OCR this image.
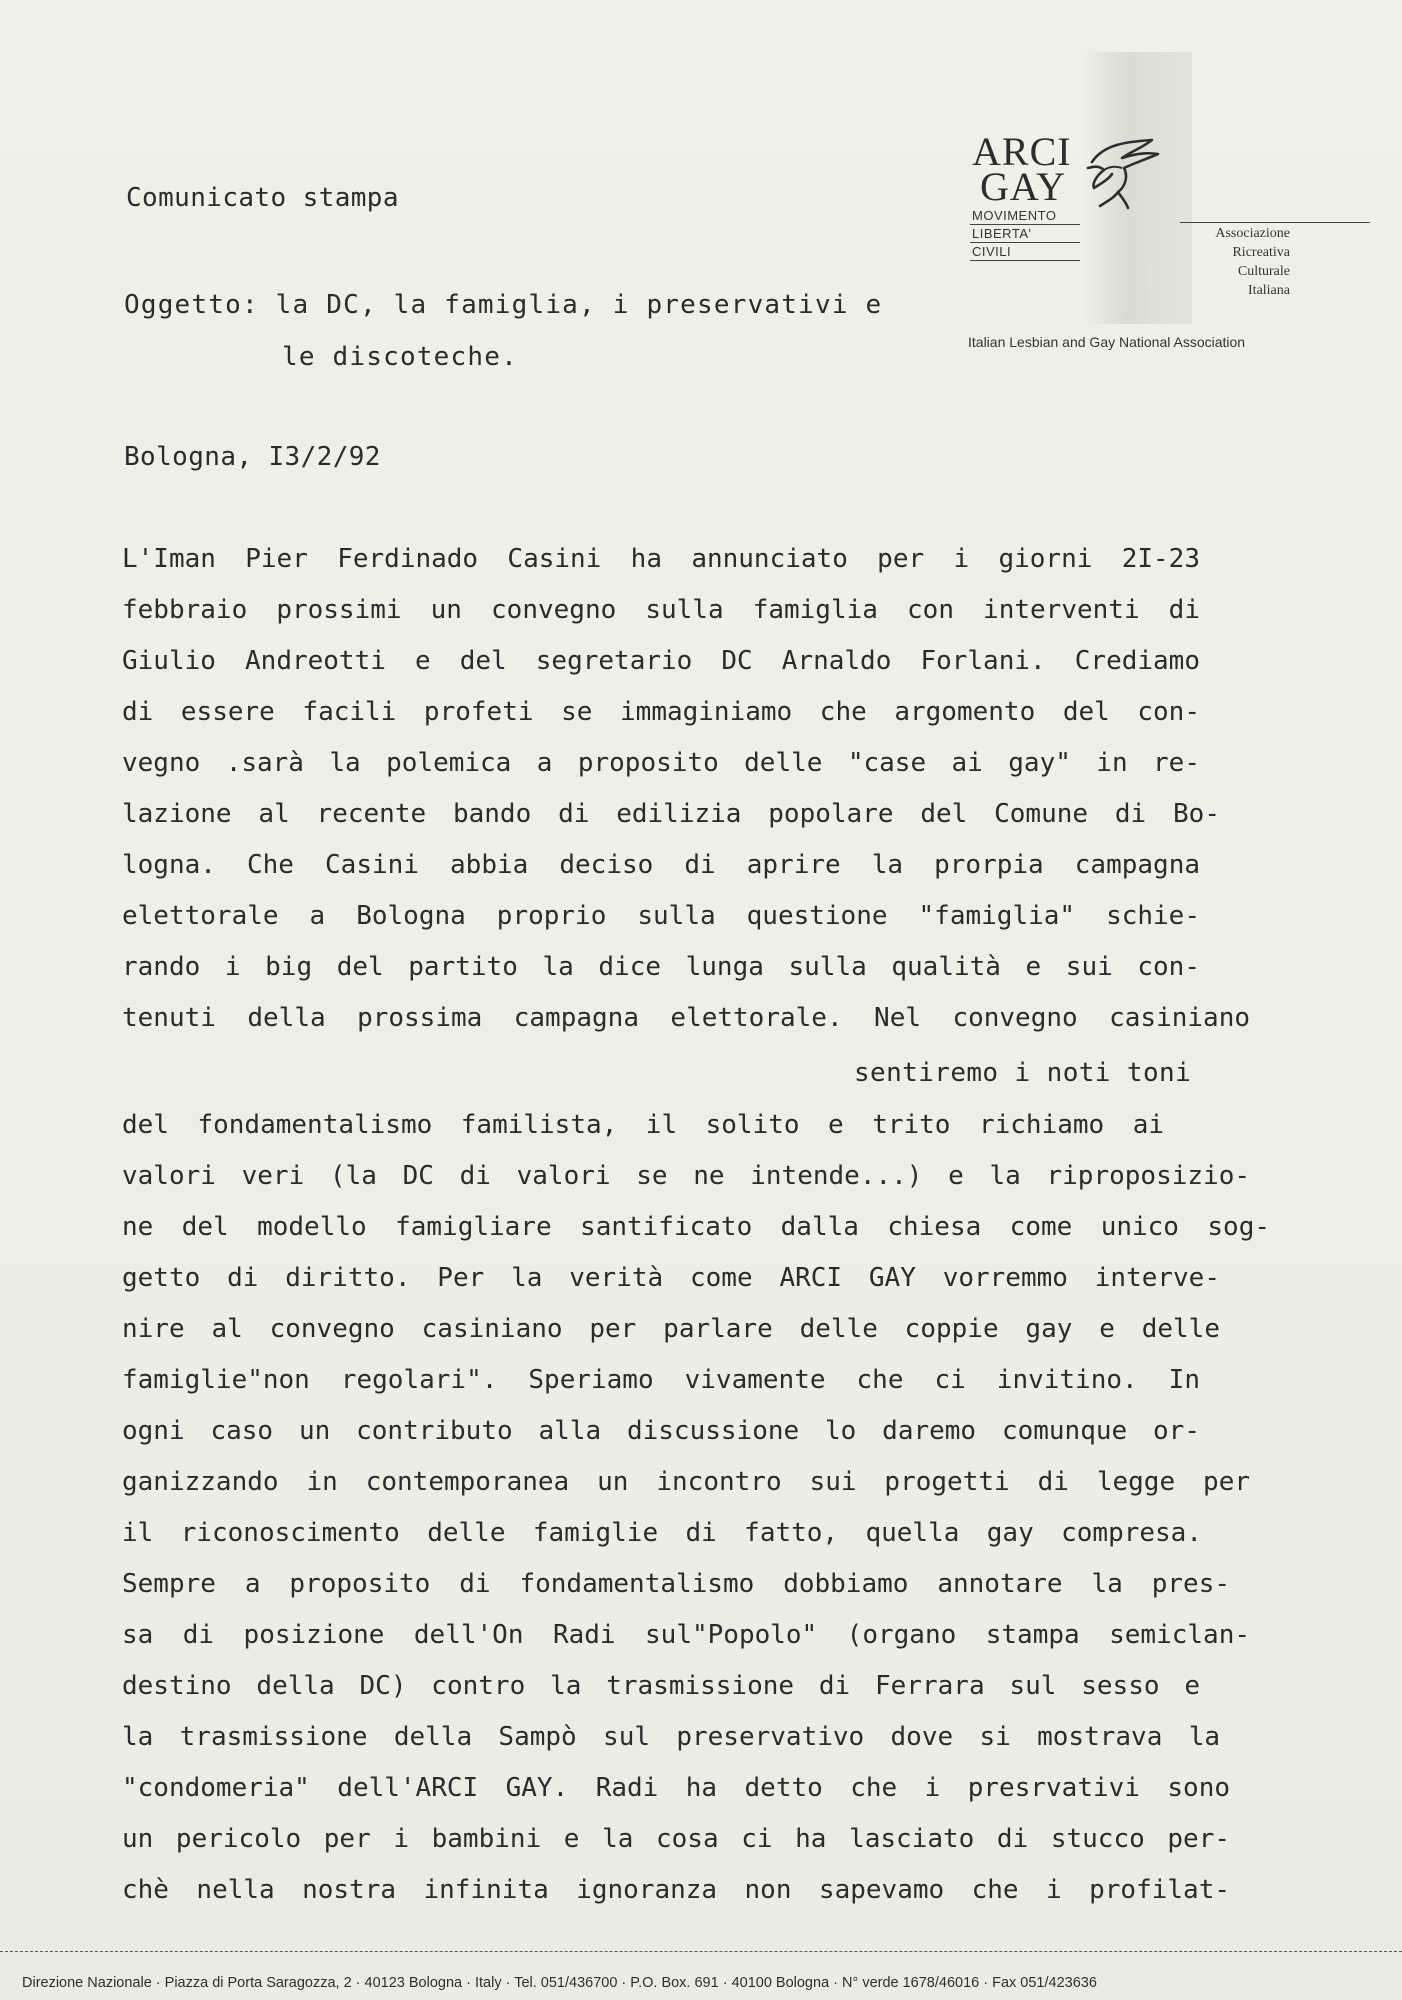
ARCI
GAY
MOVIMENTO
LIBERTA'
CIVILI
Associazione
Ricreativa
Culturale
Italiana
Italian Lesbian and Gay National Association
Comunicato stampa
Oggetto: la DC, la famiglia, i preservativi e
le discoteche.
Bologna, I3/2/92
L'Iman Pier Ferdinado Casini ha annunciato per i giorni 2I-23
febbraio prossimi un convegno sulla famiglia con interventi di
Giulio Andreotti e del segretario DC Arnaldo Forlani. Crediamo
di essere facili profeti se immaginiamo che argomento del con-
vegno .sarà la polemica a proposito delle "case ai gay" in re-
lazione al recente bando di edilizia popolare del Comune di Bo-
logna. Che Casini abbia deciso di aprire la prorpia campagna
elettorale a Bologna proprio sulla questione "famiglia" schie-
rando i big del partito la dice lunga sulla qualità e sui con-
tenuti della prossima campagna elettorale. Nel convegno casiniano
sentiremo i noti toni
del fondamentalismo familista, il solito e trito richiamo ai
valori veri (la DC di valori se ne intende...) e la riproposizio-
ne del modello famigliare santificato dalla chiesa come unico sog-
getto di diritto. Per la verità come ARCI GAY vorremmo interve-
nire al convegno casiniano per parlare delle coppie gay e delle
famiglie"non regolari". Speriamo vivamente che ci invitino. In
ogni caso un contributo alla discussione lo daremo comunque or-
ganizzando in contemporanea un incontro sui progetti di legge per
il riconoscimento delle famiglie di fatto, quella gay compresa.
Sempre a proposito di fondamentalismo dobbiamo annotare la pres-
sa di posizione dell'On Radi sul"Popolo" (organo stampa semiclan-
destino della DC) contro la trasmissione di Ferrara sul sesso e
la trasmissione della Sampò sul preservativo dove si mostrava la
"condomeria" dell'ARCI GAY. Radi ha detto che i presrvativi sono
un pericolo per i bambini e la cosa ci ha lasciato di stucco per-
chè nella nostra infinita ignoranza non sapevamo che i profilat-
Direzione Nazionale · Piazza di Porta Saragozza, 2 · 40123 Bologna · Italy · Tel. 051/436700 · P.O. Box. 691 · 40100 Bologna · N° verde 1678/46016 · Fax 051/423636
